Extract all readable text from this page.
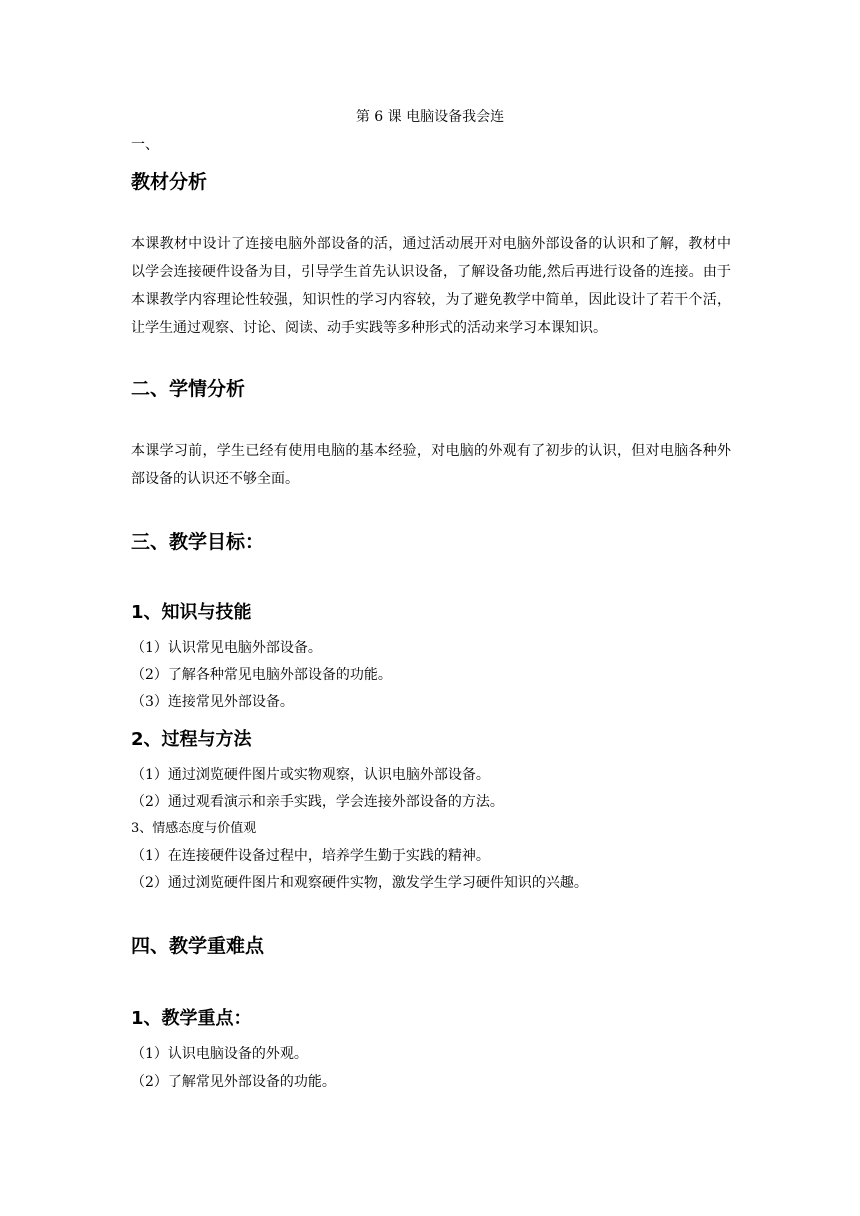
第 6 课 电脑设备我会连
一、
教材分析
本课教材中设计了连接电脑外部设备的活，通过活动展开对电脑外部设备的认识和了解，教材中以学会连接硬件设备为目，引导学生首先认识设备，了解设备功能,然后再进行设备的连接。由于本课教学内容理论性较强，知识性的学习内容较，为了避免教学中简单，因此设计了若干个活，让学生通过观察、讨论、阅读、动手实践等多种形式的活动来学习本课知识。
二、学情分析
本课学习前，学生已经有使用电脑的基本经验，对电脑的外观有了初步的认识，但对电脑各种外部设备的认识还不够全面。
三、教学目标：
1、知识与技能
（1）认识常见电脑外部设备。
（2）了解各种常见电脑外部设备的功能。
（3）连接常见外部设备。
2、过程与方法
（1）通过浏览硬件图片或实物观察，认识电脑外部设备。
（2）通过观看演示和亲手实践，学会连接外部设备的方法。
3、情感态度与价值观
（1）在连接硬件设备过程中，培养学生勤于实践的精神。
（2）通过浏览硬件图片和观察硬件实物，激发学生学习硬件知识的兴趣。
四、教学重难点
1、教学重点：
（1）认识电脑设备的外观。
（2）了解常见外部设备的功能。
